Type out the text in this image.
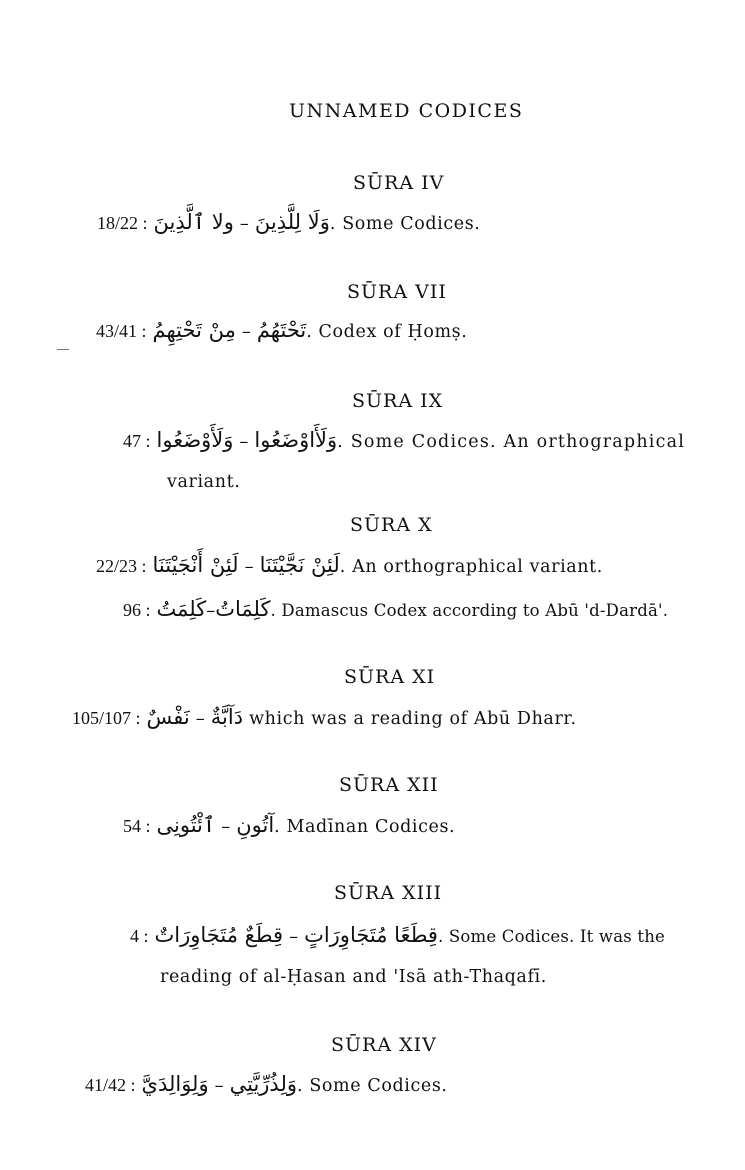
UNNAMED CODICES
SŪRA IV
18/22 : ولا ٱلَّذِينَ – وَلَا لِلَّذِينَ . Some Codices.
SŪRA VII
43/41 : مِنْ تَحْتِهِمُ – تَحْتَهُمُ . Codex of Ḥomṣ.
SŪRA IX
47 : وَلَأَوْضَعُوا – وَلَأَاوْضَعُوا . Some Codices. An orthographical
variant.
SŪRA X
22/23 : لَئِنْ أَنْجَيْتَنَا – لَئِنْ نَجَّيْتَنَا . An orthographical variant.
96 : كَلِمَتُ – كَلِمَاتُ . Damascus Codex according to Abū 'd-Dardā'.
SŪRA XI
105/107 : نَفْسٌ – دَآبَّةٌ which was a reading of Abū Dharr.
SŪRA XII
54 : ٱئْتُونِى – آتُونِ . Madīnan Codices.
SŪRA XIII
4 : قِطَعٌ مُتَجَاوِرَاتٌ – قِطَعًا مُتَجَاوِرَاتٍ . Some Codices. It was the
reading of al-Ḥasan and 'Isā ath-Thaqafī.
SŪRA XIV
41/42 : وَلِوَالِدَيَّ – وَلِذُرِّيَّتِي . Some Codices.
